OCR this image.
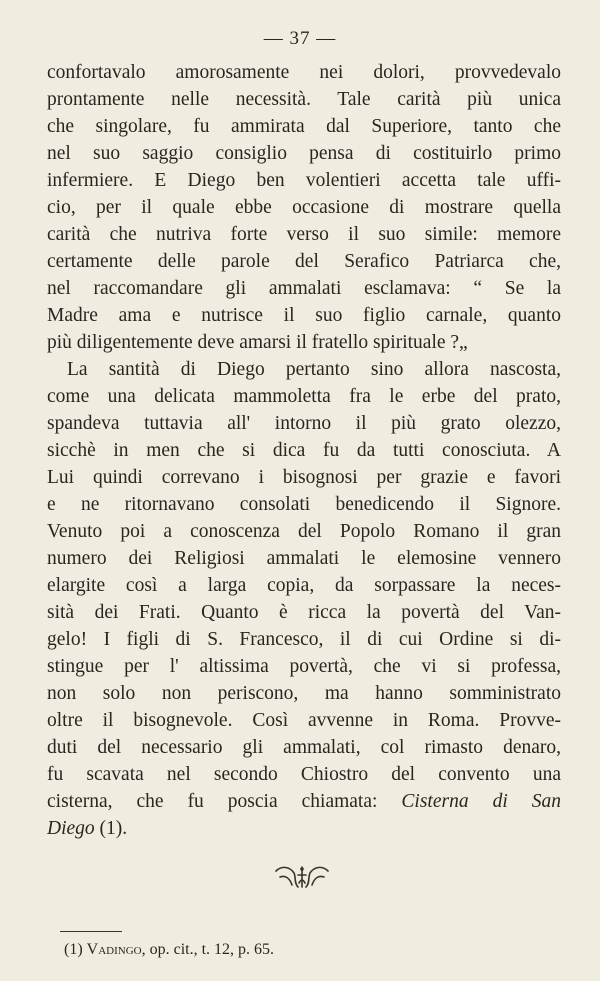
— 37 —
confortavalo amorosamente nei dolori, provvedevalo
prontamente nelle necessità. Tale carità più unica
che singolare, fu ammirata dal Superiore, tanto che
nel suo saggio consiglio pensa di costituirlo primo
infermiere. E Diego ben volentieri accetta tale uffi-
cio, per il quale ebbe occasione di mostrare quella
carità che nutriva forte verso il suo simile: memore
certamente delle parole del Serafico Patriarca che,
nel raccomandare gli ammalati esclamava: “ Se la
Madre ama e nutrisce il suo figlio carnale, quanto
più diligentemente deve amarsi il fratello spirituale ?„
La santità di Diego pertanto sino allora nascosta,
come una delicata mammoletta fra le erbe del prato,
spandeva tuttavia all' intorno il più grato olezzo,
sicchè in men che si dica fu da tutti conosciuta. A
Lui quindi correvano i bisognosi per grazie e favori
e ne ritornavano consolati benedicendo il Signore.
Venuto poi a conoscenza del Popolo Romano il gran
numero dei Religiosi ammalati le elemosine vennero
elargite così a larga copia, da sorpassare la neces-
sità dei Frati. Quanto è ricca la povertà del Van-
gelo! I figli di S. Francesco, il di cui Ordine si di-
stingue per l' altissima povertà, che vi si professa,
non solo non periscono, ma hanno somministrato
oltre il bisognevole. Così avvenne in Roma. Provve-
duti del necessario gli ammalati, col rimasto denaro,
fu scavata nel secondo Chiostro del convento una
cisterna, che fu poscia chiamata: Cisterna di San
Diego (1).
(1) Vadingo, op. cit., t. 12, p. 65.
